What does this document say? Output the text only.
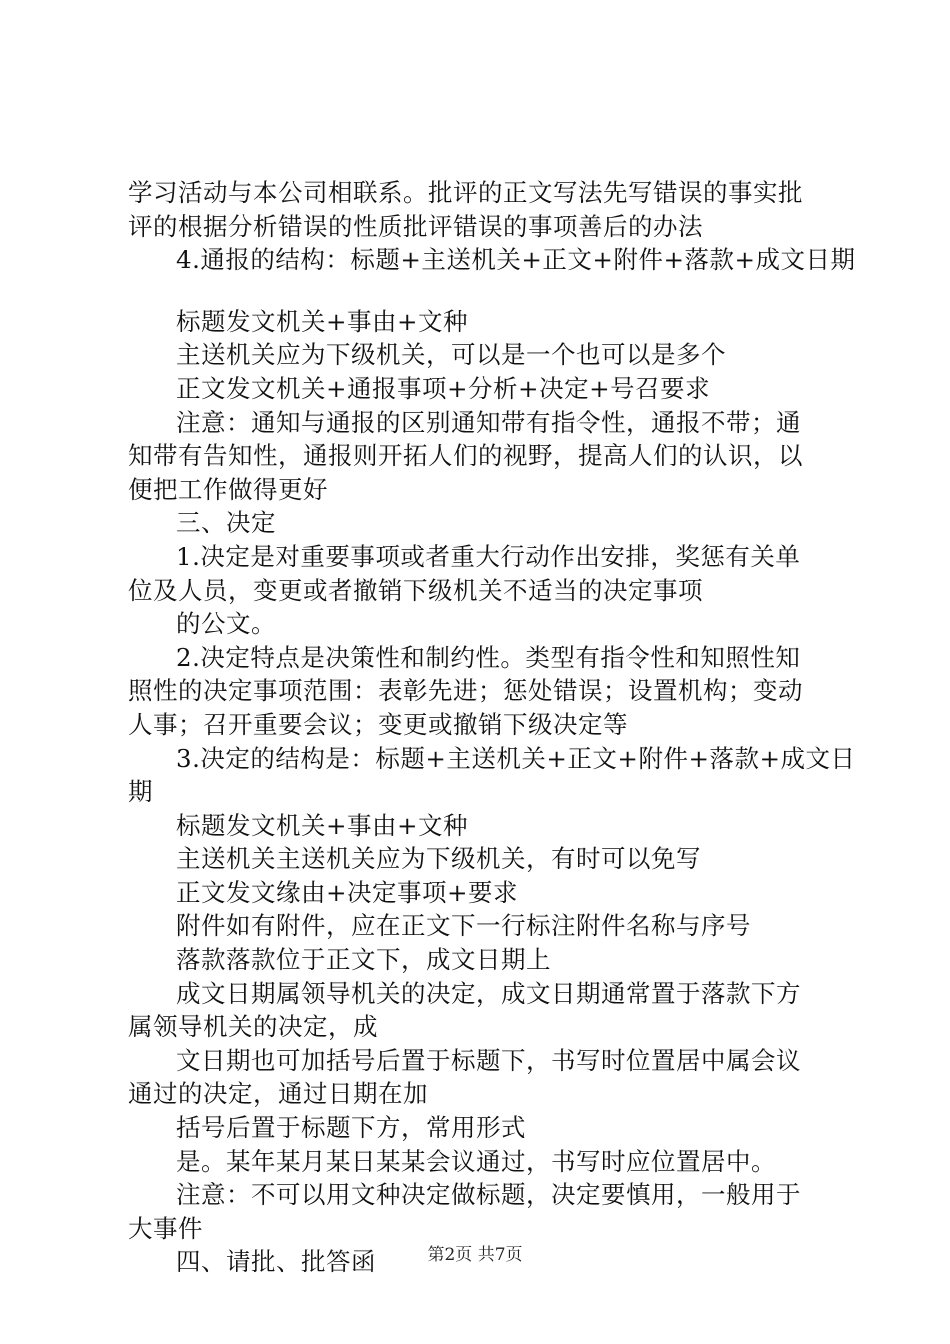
学习活动与本公司相联系。批评的正文写法先写错误的事实批

评的根据分析错误的性质批评错误的事项善后的办法

4.通报的结构：标题+主送机关+正文+附件+落款+成文日期

标题发文机关+事由+文种

主送机关应为下级机关，可以是一个也可以是多个

正文发文机关+通报事项+分析+决定+号召要求

注意：通知与通报的区别通知带有指令性，通报不带；通

知带有告知性，通报则开拓人们的视野，提高人们的认识，以

便把工作做得更好

三、决定

1.决定是对重要事项或者重大行动作出安排，奖惩有关单

位及人员，变更或者撤销下级机关不适当的决定事项

的公文。

2.决定特点是决策性和制约性。类型有指令性和知照性知

照性的决定事项范围：表彰先进；惩处错误；设置机构；变动

人事；召开重要会议；变更或撤销下级决定等

3.决定的结构是：标题+主送机关+正文+附件+落款+成文日

期

标题发文机关+事由+文种

主送机关主送机关应为下级机关，有时可以免写

正文发文缘由+决定事项+要求

附件如有附件，应在正文下一行标注附件名称与序号

落款落款位于正文下，成文日期上

成文日期属领导机关的决定，成文日期通常置于落款下方

属领导机关的决定，成

文日期也可加括号后置于标题下，书写时位置居中属会议

通过的决定，通过日期在加

括号后置于标题下方，常用形式

是。某年某月某日某某会议通过，书写时应位置居中。

注意：不可以用文种决定做标题，决定要慎用，一般用于

大事件

四、请批、批答函	第2页 共7页
